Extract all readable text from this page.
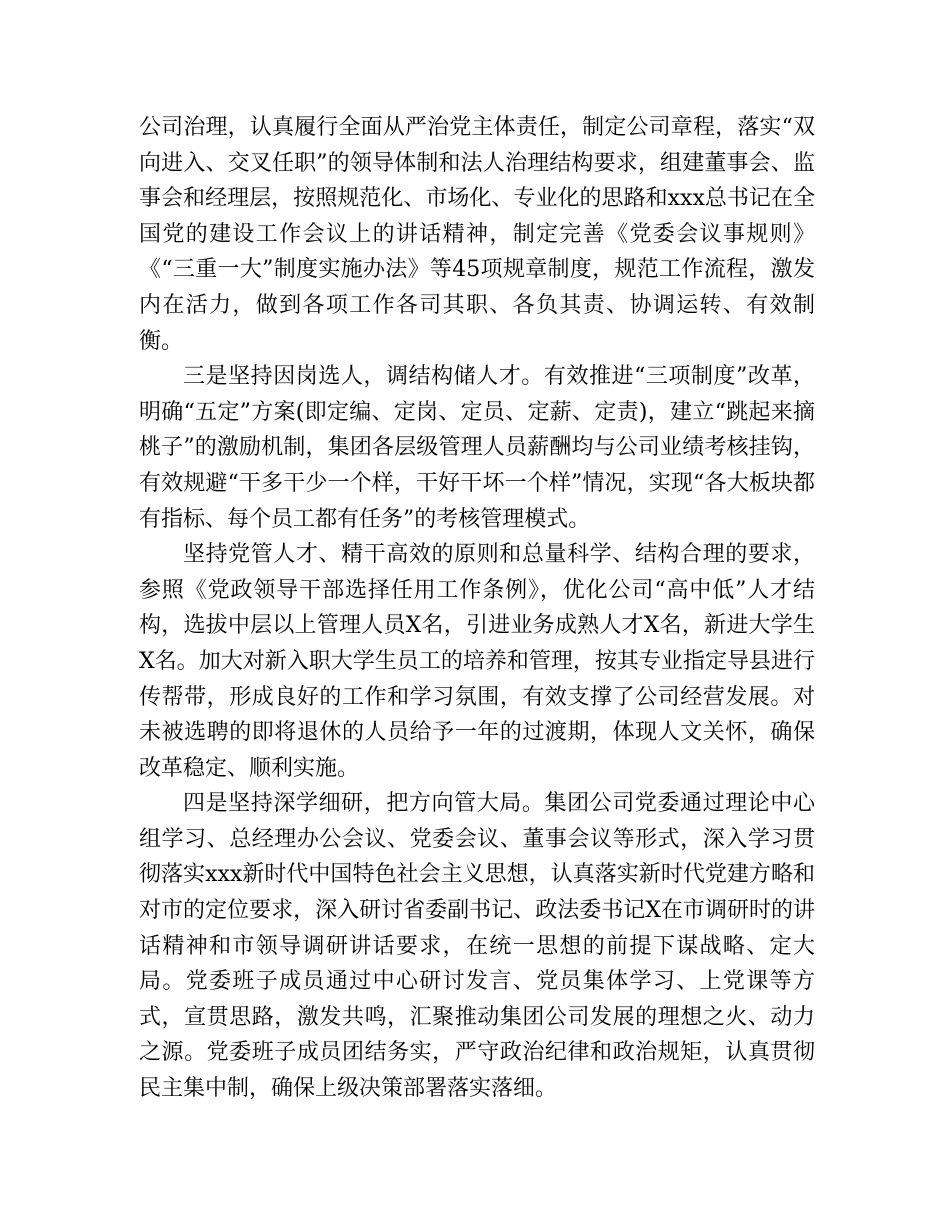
公司治理，认真履行全面从严治党主体责任，制定公司章程，落实“双向进入、交叉任职”的领导体制和法人治理结构要求，组建董事会、监事会和经理层，按照规范化、市场化、专业化的思路和xxx总书记在全国党的建设工作会议上的讲话精神，制定完善《党委会议事规则》《“三重一大”制度实施办法》等45项规章制度，规范工作流程，激发内在活力，做到各项工作各司其职、各负其责、协调运转、有效制衡。

三是坚持因岗选人，调结构储人才。有效推进“三项制度”改革，明确“五定”方案(即定编、定岗、定员、定薪、定责)，建立“跳起来摘桃子”的激励机制，集团各层级管理人员薪酬均与公司业绩考核挂钩，有效规避“干多干少一个样，干好干坏一个样”情况，实现“各大板块都有指标、每个员工都有任务”的考核管理模式。

坚持党管人才、精干高效的原则和总量科学、结构合理的要求，参照《党政领导干部选择任用工作条例》，优化公司“高中低”人才结构，选拔中层以上管理人员X名，引进业务成熟人才X名，新进大学生X名。加大对新入职大学生员工的培养和管理，按其专业指定导县进行传帮带，形成良好的工作和学习氛围，有效支撑了公司经营发展。对未被选聘的即将退休的人员给予一年的过渡期，体现人文关怀，确保改革稳定、顺利实施。

四是坚持深学细研，把方向管大局。集团公司党委通过理论中心组学习、总经理办公会议、党委会议、董事会议等形式，深入学习贯彻落实xxx新时代中国特色社会主义思想，认真落实新时代党建方略和对市的定位要求，深入研讨省委副书记、政法委书记X在市调研时的讲话精神和市领导调研讲话要求，在统一思想的前提下谋战略、定大局。党委班子成员通过中心研讨发言、党员集体学习、上党课等方式，宣贯思路，激发共鸣，汇聚推动集团公司发展的理想之火、动力之源。党委班子成员团结务实，严守政治纪律和政治规矩，认真贯彻民主集中制，确保上级决策部署落实落细。
